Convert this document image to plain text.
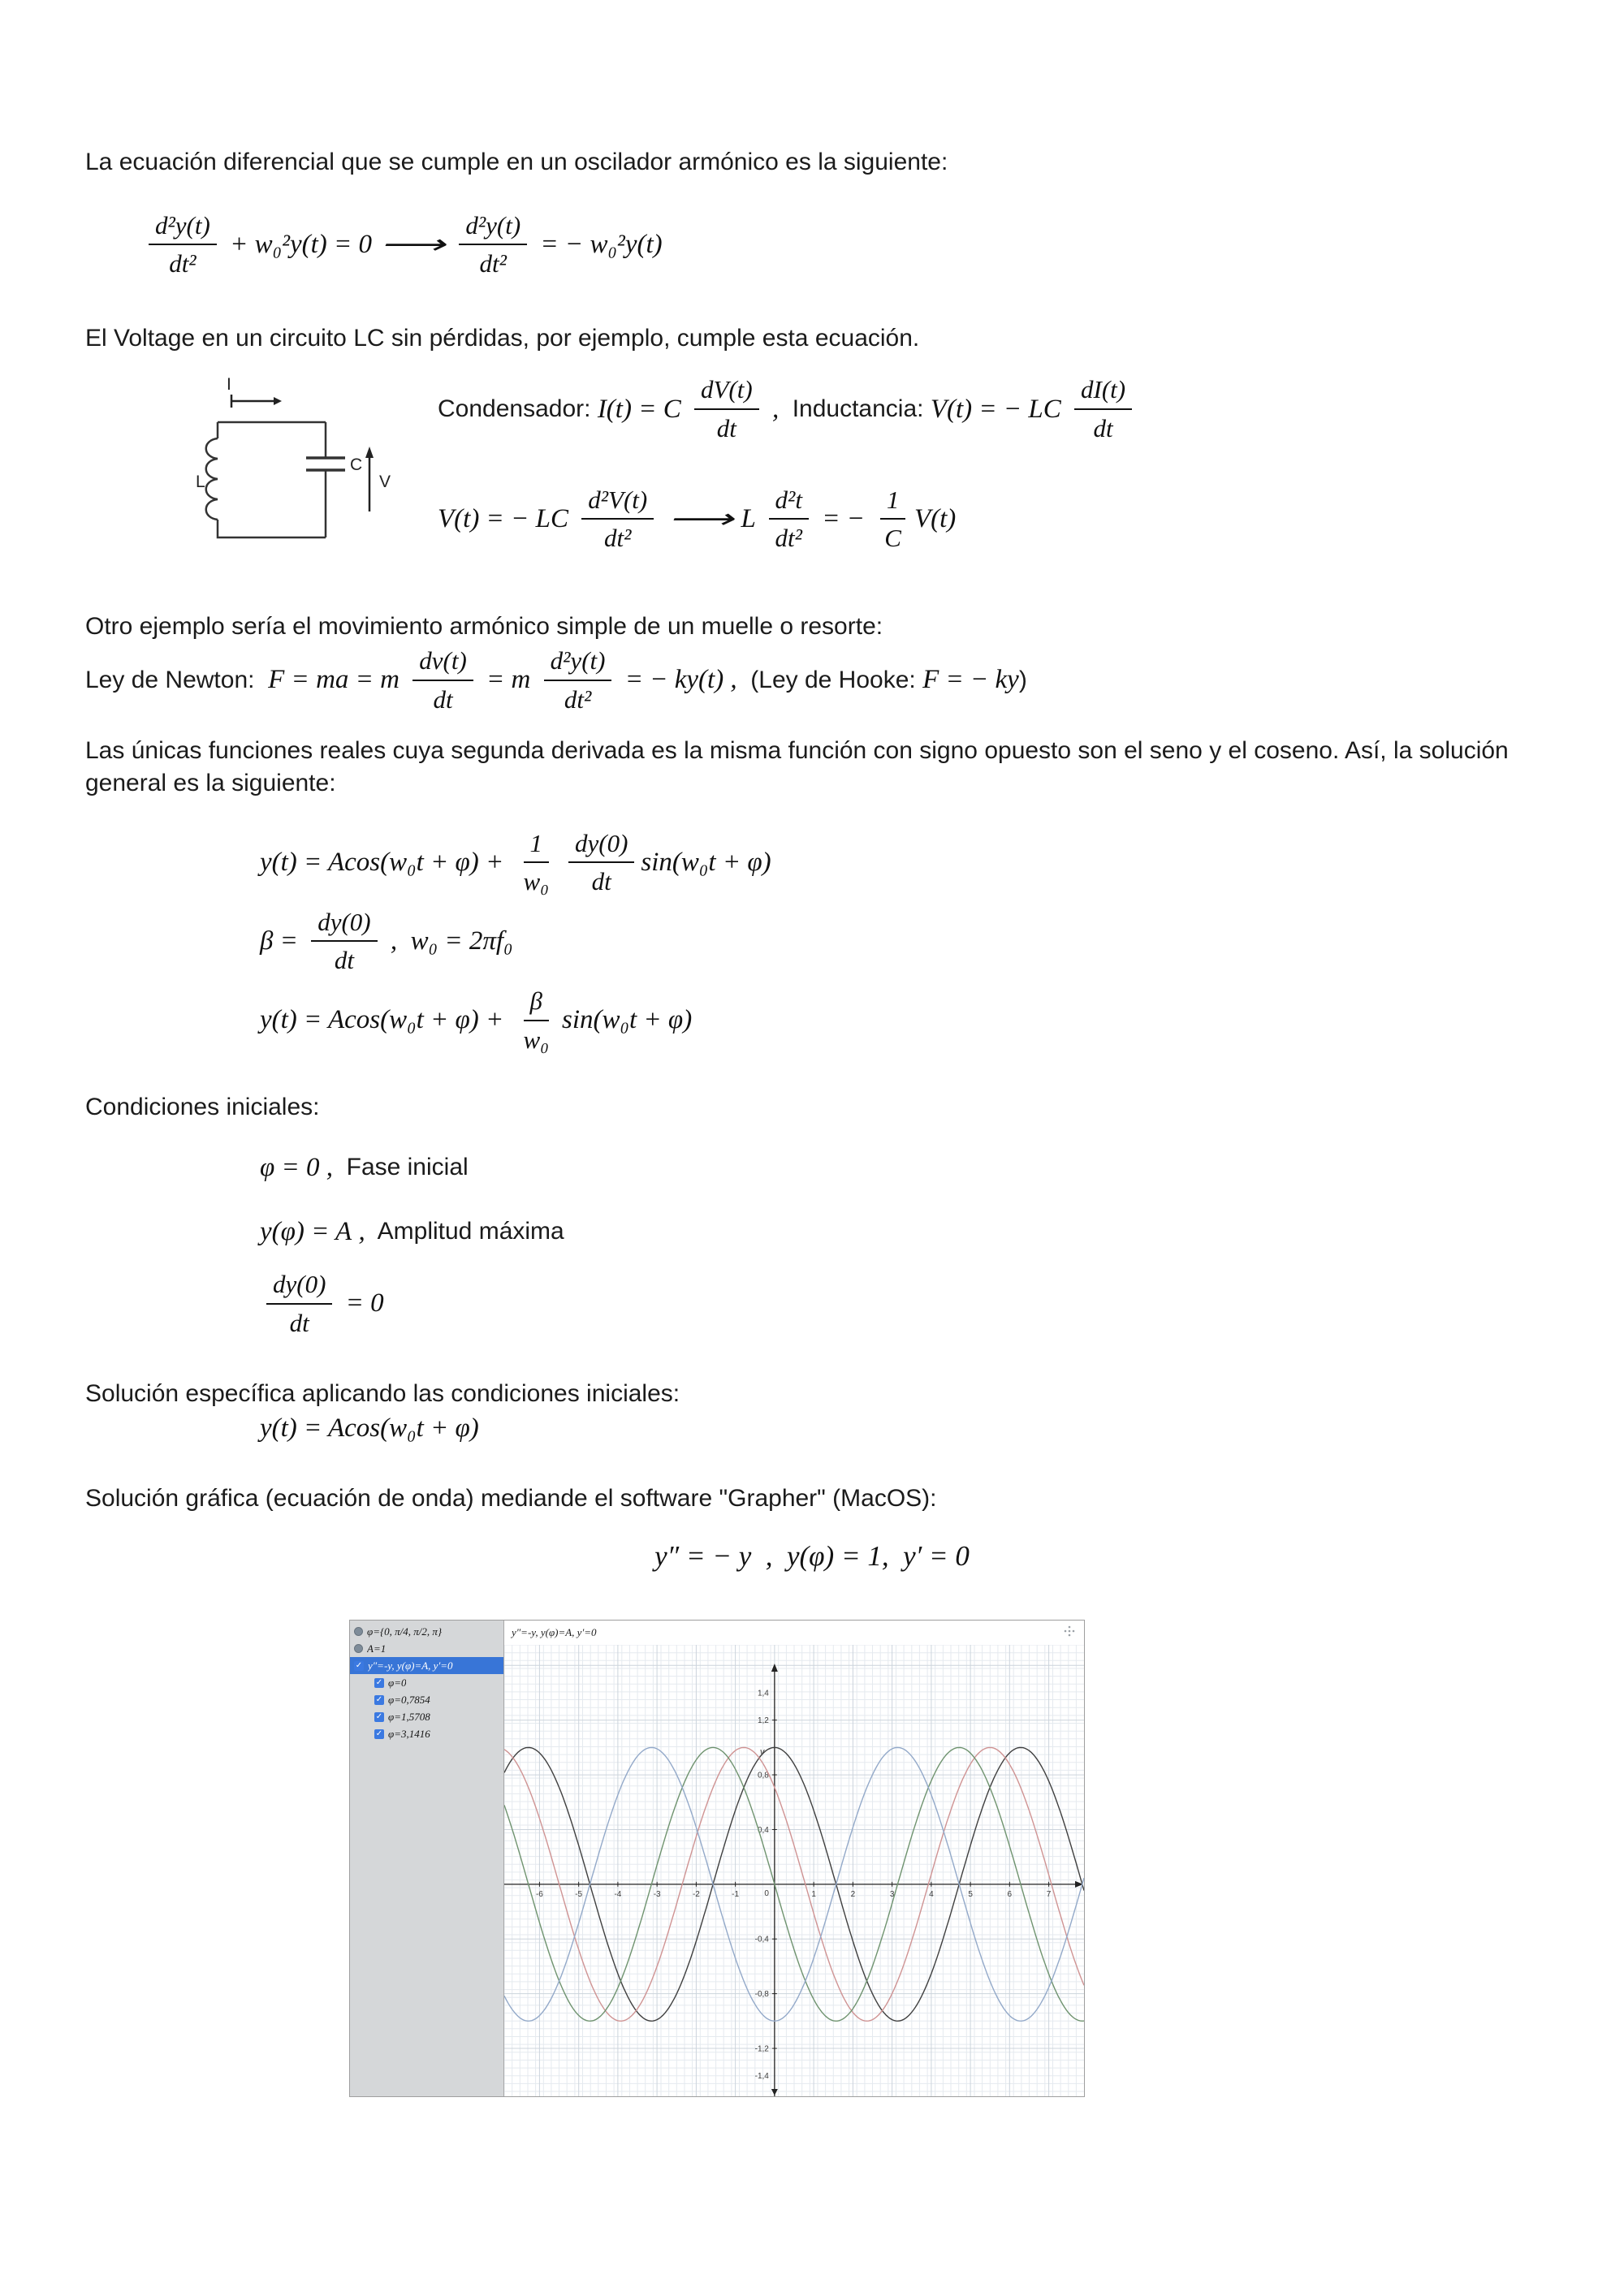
La ecuación diferencial que se cumple en un oscilador armónico es la siguiente:

$\frac{\text{d²y(t)}}{\text{dt²}} + w_0^2y(t) = 0$ ⟶ $\frac{\text{d²y(t)}}{\text{dt²}}$ = − w₀²y(t)

El Voltage en un circuito LC sin pérdidas, por ejemplo, cumple esta ecuación.

I
L
C
V
Condensador: I(t) = C $\frac{dV(t)}{dt}$ , Inductancia: V(t) = − LC $\frac{dI(t)}{dt}$
V(t) = − LC $\frac{\text{d²V(t)}}{\text{dt²}}$ ⟶ L $\frac{\text{d²t}}{\text{dt²}}$ = − $\frac{1}{C} V(t)$

Otro ejemplo sería el movimiento armónico simple de un muelle o resorte:

Ley de Newton: F = ma = m $\frac{dv(t)}{dt} = m \frac{\text{d²y(t)}}{\text{dt²}}$ = − ky(t) , (Ley de Hooke: F = − ky )

Las únicas funciones reales cuya segunda derivada es la misma función con signo opuesto son el seno y el coseno. Así, la solución general es la siguiente:

$y(t) = Acos(w_0t + \varphi) + \frac{1}{\text{w₀}} \frac{dy(0)}{dt} \sin(w_0t + \varphi)$
$\beta = \frac{dy(0)}{dt}$ ,  w₀ = 2πf₀
$y(t) = Acos(w_0t + \varphi) + \frac{\beta}{\text{w₀}} \sin(w_0t + \varphi)$

Condiciones iniciales:

φ = 0 , Fase inicial
y(φ) = A , Amplitud máxima
$\frac{dy(0)}{dt} = 0$

Solución específica aplicando las condiciones iniciales:

y(t) = Acos(w₀t + φ)

Solución gráfica (ecuación de onda) mediande el software "Grapher" (MacOS):

y″ = − y  ,  y(φ) = 1,  y′ = 0
φ={0, π/4, π/2, π}
A=1
✓ y″=-y, y(φ)=A, y′=0
✓ φ=0
✓ φ=0,7854
✓ φ=1,5708
✓ φ=3,1416
y″=-y, y(φ)=A, y′=0
-6	-5	-4	-3	-2	-1	1	2	3	4	5	6	7
-1,2
-0,8
-0,4
0,4
0,8
1,2
1,4
-1,4
0
y
